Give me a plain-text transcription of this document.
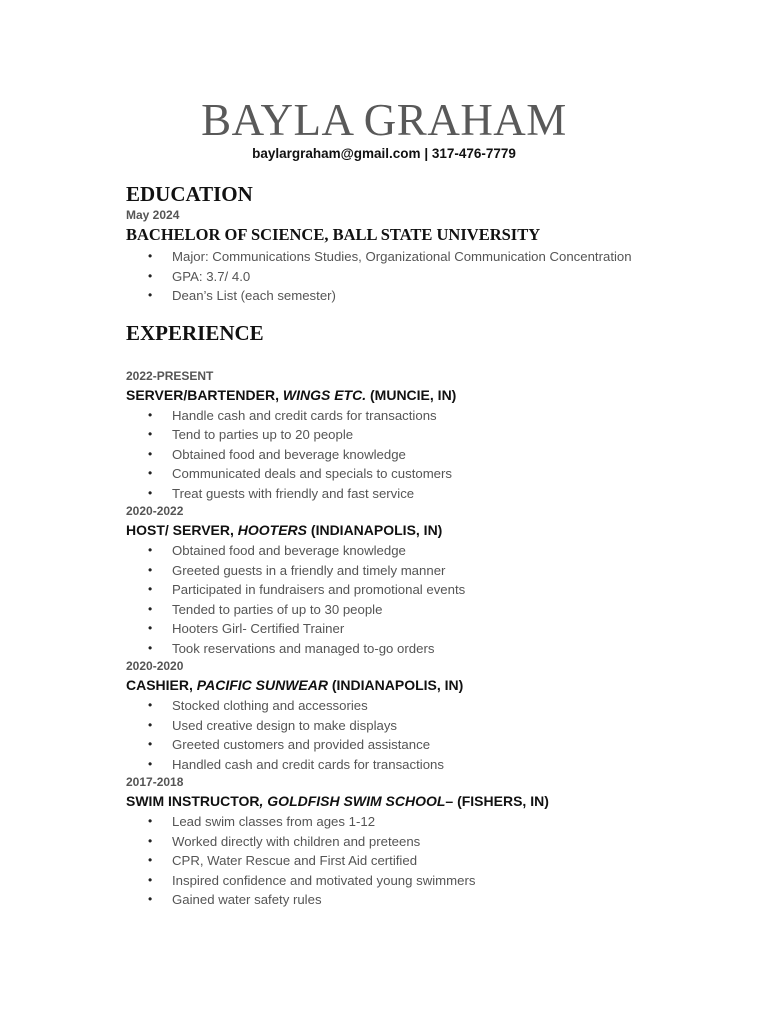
BAYLA GRAHAM
baylargraham@gmail.com | 317-476-7779
EDUCATION
May 2024
BACHELOR OF SCIENCE, BALL STATE UNIVERSITY
• Major: Communications Studies, Organizational Communication Concentration
• GPA: 3.7/ 4.0
• Dean’s List (each semester)
EXPERIENCE
2022-PRESENT
SERVER/BARTENDER, WINGS ETC. (MUNCIE, IN)
• Handle cash and credit cards for transactions
• Tend to parties up to 20 people
• Obtained food and beverage knowledge
• Communicated deals and specials to customers
• Treat guests with friendly and fast service
2020-2022
HOST/ SERVER, HOOTERS (INDIANAPOLIS, IN)
• Obtained food and beverage knowledge
• Greeted guests in a friendly and timely manner
• Participated in fundraisers and promotional events
• Tended to parties of up to 30 people
• Hooters Girl- Certified Trainer
• Took reservations and managed to-go orders
2020-2020
CASHIER, PACIFIC SUNWEAR (INDIANAPOLIS, IN)
• Stocked clothing and accessories
• Used creative design to make displays
• Greeted customers and provided assistance
• Handled cash and credit cards for transactions
2017-2018
SWIM INSTRUCTOR, GOLDFISH SWIM SCHOOL– (FISHERS, IN)
• Lead swim classes from ages 1-12
• Worked directly with children and preteens
• CPR, Water Rescue and First Aid certified
• Inspired confidence and motivated young swimmers
• Gained water safety rules
